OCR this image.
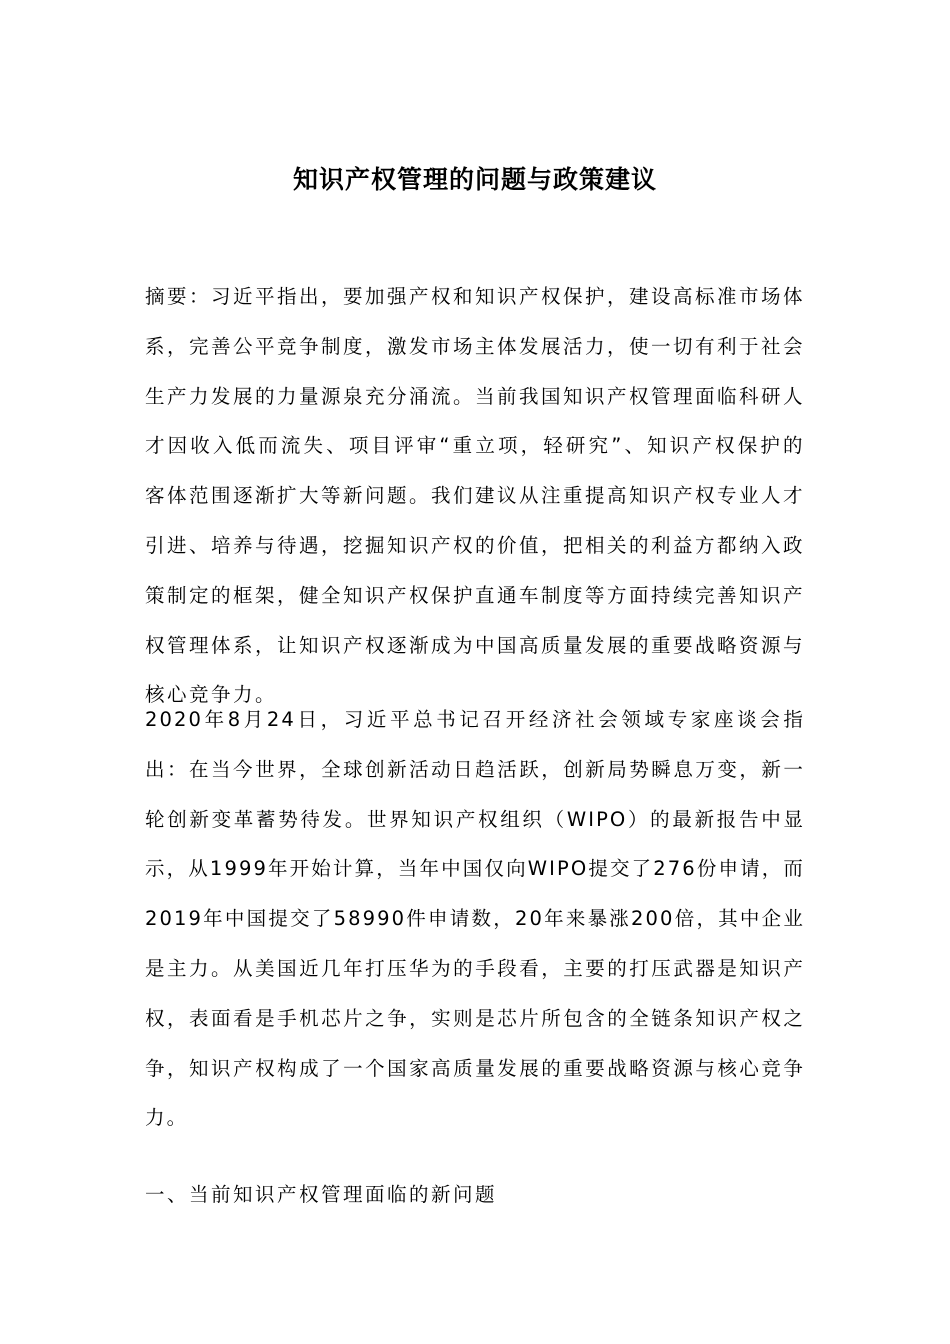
知识产权管理的问题与政策建议

摘要：习近平指出，要加强产权和知识产权保护，建设高标准市场体系，完善公平竞争制度，激发市场主体发展活力，使一切有利于社会生产力发展的力量源泉充分涌流。当前我国知识产权管理面临科研人才因收入低而流失、项目评审“重立项，轻研究”、知识产权保护的客体范围逐渐扩大等新问题。我们建议从注重提高知识产权专业人才引进、培养与待遇，挖掘知识产权的价值，把相关的利益方都纳入政策制定的框架，健全知识产权保护直通车制度等方面持续完善知识产权管理体系，让知识产权逐渐成为中国高质量发展的重要战略资源与核心竞争力。

2020年8月24日，习近平总书记召开经济社会领域专家座谈会指出：在当今世界，全球创新活动日趋活跃，创新局势瞬息万变，新一轮创新变革蓄势待发。世界知识产权组织（WIPO）的最新报告中显示，从1999年开始计算，当年中国仅向WIPO提交了276份申请，而2019年中国提交了58990件申请数，20年来暴涨200倍，其中企业是主力。从美国近几年打压华为的手段看，主要的打压武器是知识产权，表面看是手机芯片之争，实则是芯片所包含的全链条知识产权之争，知识产权构成了一个国家高质量发展的重要战略资源与核心竞争力。

一、当前知识产权管理面临的新问题
